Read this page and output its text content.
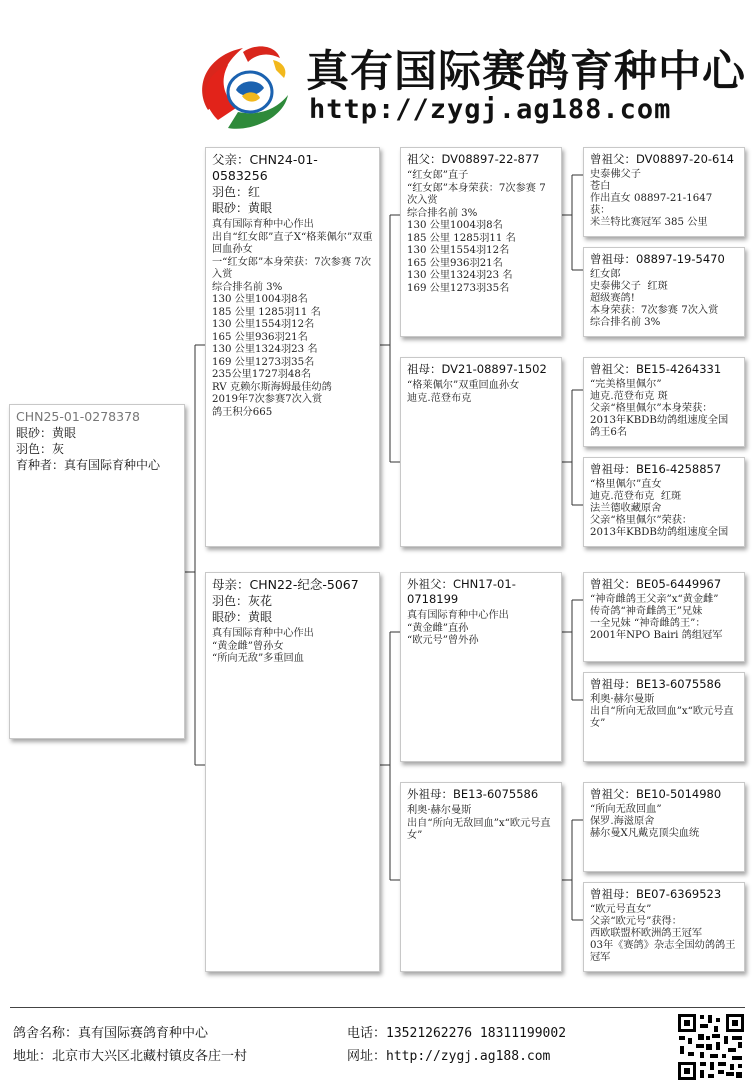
真有国际赛鸽育种中心
http://zygj.ag188.com
CHN25-01-0278378
眼砂：黄眼
羽色：灰
育种者：真有国际育种中心
父亲：CHN24-01-0583256
羽色：红
眼砂：黄眼
真有国际育种中心作出
出自“红女郎”直子X“格莱佩尔”双重回血孙女
一“红女郎”本身荣获：7次参赛 7次入赏
综合排名前 3%
130 公里1004羽8名
185 公里 1285羽11 名
130 公里1554羽12名
165 公里936羽21名
130 公里1324羽23 名
169 公里1273羽35名
235公里1727羽48名
RV 克赖尔斯海姆最佳幼鸽
2019年7次参赛7次入赏
鸽王积分665
母亲：CHN22-纪念-5067
羽色：灰花
眼砂：黄眼
真有国际育种中心作出
“黄金雌”曾孙女
“所向无敌”多重回血
祖父：DV08897-22-877
“红女郎”直子
“红女郎”本身荣获：7次参赛 7次入赏
综合排名前 3%
130 公里1004羽8名
185 公里 1285羽11 名
130 公里1554羽12名
165 公里936羽21名
130 公里1324羽23 名
169 公里1273羽35名
祖母：DV21-08897-1502
“格莱佩尔”双重回血孙女
迪克.范登布克
外祖父：CHN17-01-0718199
真有国际育种中心作出
“黄金雌”直孙
“欧元号”曾外孙
外祖母：BE13-6075586
利奥·赫尔曼斯
出自“所向无敌回血”x“欧元号直女”
曾祖父：DV08897-20-614
史泰佛父子
苍白
作出直女 08897-21-1647
获：
米兰特比赛冠军 385 公里
曾祖母：08897-19-5470
红女郎
史泰佛父子  红斑
超级赛鸽!
本身荣获：7次参赛 7次入赏
综合排名前 3%
曾祖父：BE15-4264331
“完美格里佩尔”
迪克.范登布克 斑
父亲“格里佩尔”本身荣获：
2013年KBDB幼鸽组速度全国鸽王6名
曾祖母：BE16-4258857
“格里佩尔”直女
迪克.范登布克  红斑
法兰德收藏原舍
父亲“格里佩尔”荣获：
2013年KBDB幼鸽组速度全国
曾祖父：BE05-6449967
“神奇雌鸽王父亲”x“黄金雌”
传奇鸽“神奇雌鸽王”兄妹
一全兄妹 “神奇雌鸽王”：
2001年NPO Bairi 鸽组冠军
曾祖母：BE13-6075586
利奥·赫尔曼斯
出自“所向无敌回血”x“欧元号直女”
曾祖父：BE10-5014980
“所向无敌回血”
保罗.海滋原舍
赫尔曼X凡戴克顶尖血统
曾祖母：BE07-6369523
“欧元号直女”
父亲“欧元号”获得：
西欧联盟杯欧洲鸽王冠军
03年《赛鸽》杂志全国幼鸽鸽王冠军
鸽舍名称：真有国际赛鸽育种中心
地址：北京市大兴区北藏村镇皮各庄一村
电话：13521262276 18311199002
网址：http://zygj.ag188.com
